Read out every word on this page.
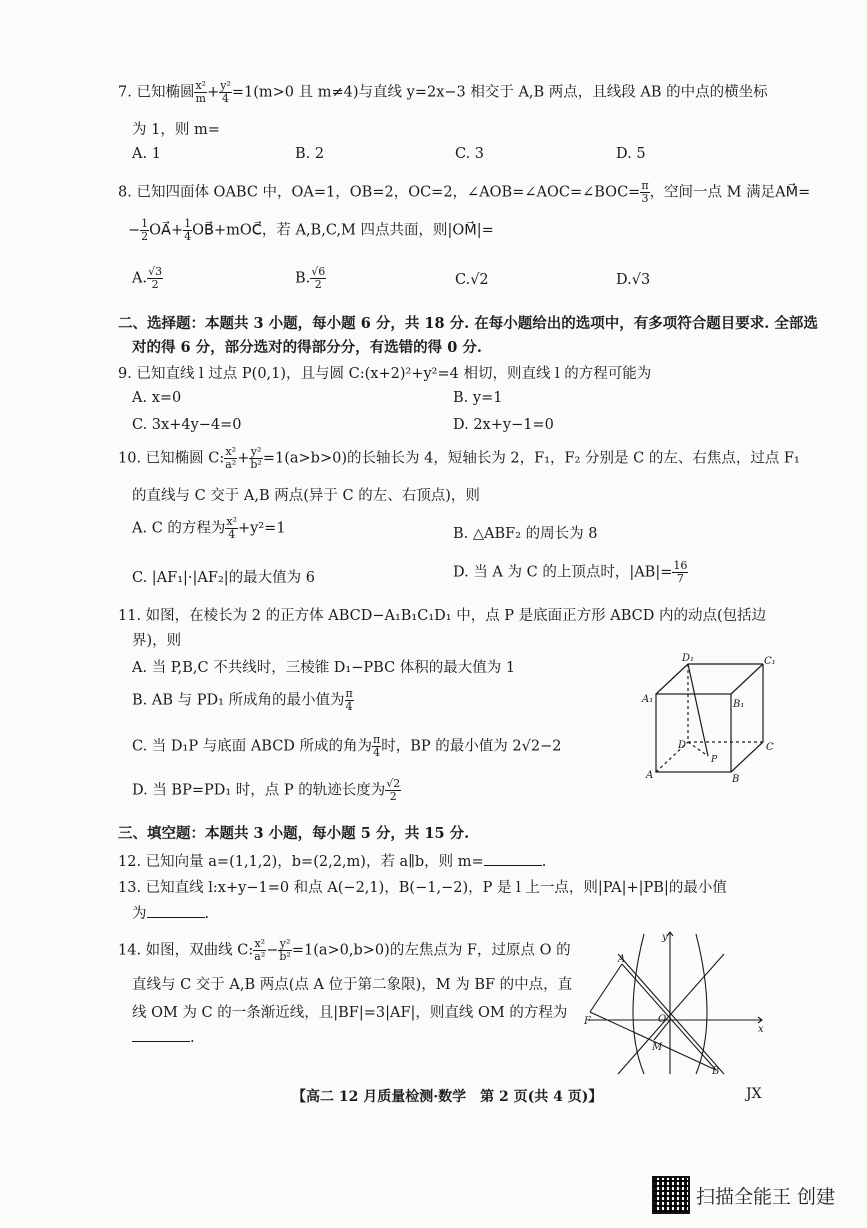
7. 已知椭圆 $\frac{\text{x²}}{m} + \frac{\text{y²}}{4} =1(m>0$ 且 m≠4)与直线 y=2x−3 相交于 A,B 两点，且线段 AB 的中点的横坐标
为 1，则 m=
A. 1	B. 2	C. 3	D. 5
8. 已知四面体 OABC 中，OA=1，OB=2，OC=2，∠AOB=∠AOC=∠BOC= $\frac{\pi}{3}$ ，空间一点 M 满足AM⃗=
− $\frac{1}{2}$ OA⃗+ $\frac{1}{4}$ OB⃗+mOC⃗，若 A,B,C,M 四点共面，则|OM⃗|=
A. $\frac{√3}{2}$	B. $\frac{√6}{2}$	C.√2	D.√3
二、选择题：本题共 3 小题，每小题 6 分，共 18 分. 在每小题给出的选项中，有多项符合题目要求. 全部选
对的得 6 分，部分选对的得部分分，有选错的得 0 分.
9. 已知直线 l 过点 P(0,1)，且与圆 C:(x+2)²+y²=4 相切，则直线 l 的方程可能为
A. x=0	B. y=1
C. 3x+4y−4=0	D. 2x+y−1=0
10. 已知椭圆 C: $\frac{\text{x²}}{\text{a²}} + \frac{\text{y²}}{\text{b²}} =1(a>b>0)$的长轴长为 4，短轴长为 2，F₁，F₂ 分别是 C 的左、右焦点，过点 F₁
的直线与 C 交于 A,B 两点(异于 C 的左、右顶点)，则
A. C 的方程为 $\frac{\text{x²}}{4} +y^2=1$	B. △ABF₂ 的周长为 8
C. |AF₁|·|AF₂|的最大值为 6	D. 当 A 为 C 的上顶点时，$|AB|= \frac{16}{7}$
11. 如图，在棱长为 2 的正方体 ABCD−A₁B₁C₁D₁ 中，点 P 是底面正方形 ABCD 内的动点(包括边
界)，则
A. 当 P,B,C 不共线时，三棱锥 D₁−PBC 体积的最大值为 1
B. AB 与 PD₁ 所成角的最小值为 $\frac{\pi}{4}$
C. 当 D₁P 与底面 ABCD 所成的角为 $\frac{\pi}{4}$ 时，BP 的最小值为 2√2−2
D. 当 BP=PD₁ 时，点 P 的轨迹长度为 $\frac{√2}{2}$
D₁	C₁
A₁	B₁
D	C
A	B
P
三、填空题：本题共 3 小题，每小题 5 分，共 15 分.
12. 已知向量 a=(1,1,2)，b=(2,2,m)，若 a∥b，则 m=	.
13. 已知直线 l:x+y−1=0 和点 A(−2,1)，B(−1,−2)，P 是 l 上一点，则|PA|+|PB|的最小值
为	.
14. 如图，双曲线 C: $\frac{\text{x²}}{\text{a²}} - \frac{\text{y²}}{\text{b²}} =1(a>0,b>0)$的左焦点为 F，过原点 O 的
直线与 C 交于 A,B 两点(点 A 位于第二象限)，M 为 BF 的中点，直
线 OM 为 C 的一条渐近线，且|BF|=3|AF|，则直线 OM 的方程为
.
y
x
A
F	O
M
B
【高二 12 月质量检测·数学　第 2 页(共 4 页)】	JX
扫描全能王 创建
